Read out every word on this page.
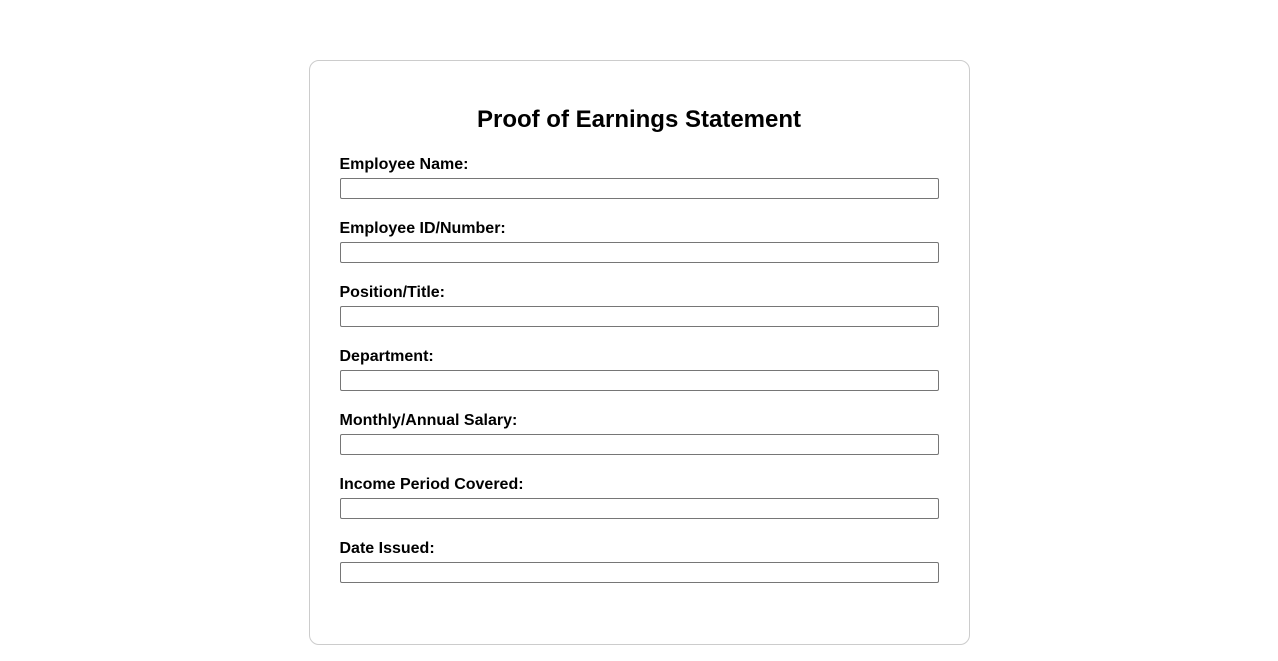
Proof of Earnings Statement
Employee Name:
Employee ID/Number:
Position/Title:
Department:
Monthly/Annual Salary:
Income Period Covered:
Date Issued:
